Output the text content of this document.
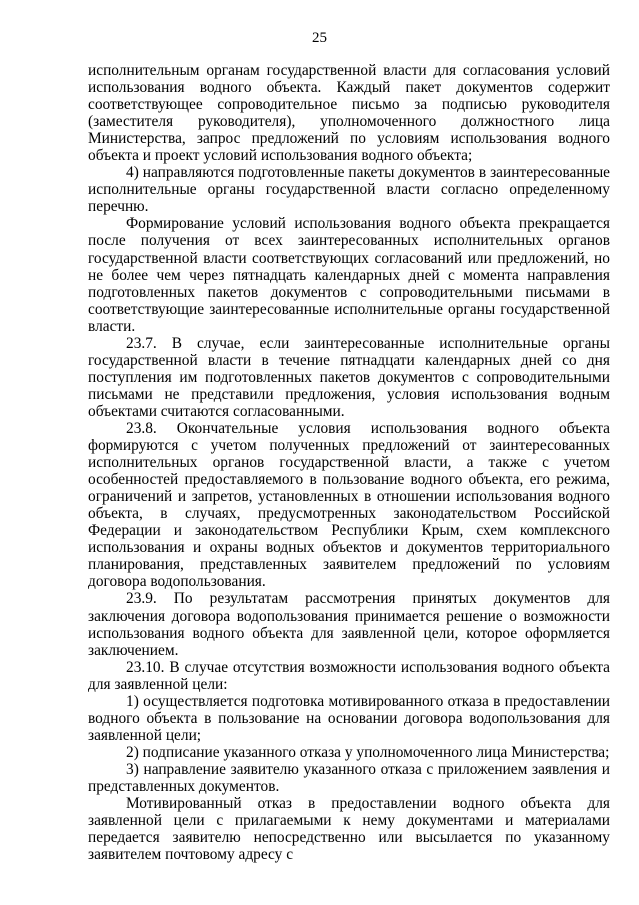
25

исполнительным органам государственной власти для согласования условий использования водного объекта. Каждый пакет документов содержит соответствующее сопроводительное письмо за подписью руководителя (заместителя руководителя), уполномоченного должностного лица Министерства, запрос предложений по условиям использования водного объекта и проект условий использования водного объекта;

4) направляются подготовленные пакеты документов в заинтересованные исполнительные органы государственной власти согласно определенному перечню.

Формирование условий использования водного объекта прекращается после получения от всех заинтересованных исполнительных органов государственной власти соответствующих согласований или предложений, но не более чем через пятнадцать календарных дней с момента направления подготовленных пакетов документов с сопроводительными письмами в соответствующие заинтересованные исполнительные органы государственной власти.

23.7. В случае, если заинтересованные исполнительные органы государственной власти в течение пятнадцати календарных дней со дня поступления им подготовленных пакетов документов с сопроводительными письмами не представили предложения, условия использования водным объектами считаются согласованными.

23.8. Окончательные условия использования водного объекта формируются с учетом полученных предложений от заинтересованных исполнительных органов государственной власти, а также с учетом особенностей предоставляемого в пользование водного объекта, его режима, ограничений и запретов, установленных в отношении использования водного объекта, в случаях, предусмотренных законодательством Российской Федерации и законодательством Республики Крым, схем комплексного использования и охраны водных объектов и документов территориального планирования, представленных заявителем предложений по условиям договора водопользования.

23.9. По результатам рассмотрения принятых документов для заключения договора водопользования принимается решение о возможности использования водного объекта для заявленной цели, которое оформляется заключением.

23.10. В случае отсутствия возможности использования водного объекта для заявленной цели:

1) осуществляется подготовка мотивированного отказа в предоставлении водного объекта в пользование на основании договора водопользования для заявленной цели;

2) подписание указанного отказа у уполномоченного лица Министерства;

3) направление заявителю указанного отказа с приложением заявления и представленных документов.

Мотивированный отказ в предоставлении водного объекта для заявленной цели с прилагаемыми к нему документами и материалами передается заявителю непосредственно или высылается по указанному заявителем почтовому адресу с
